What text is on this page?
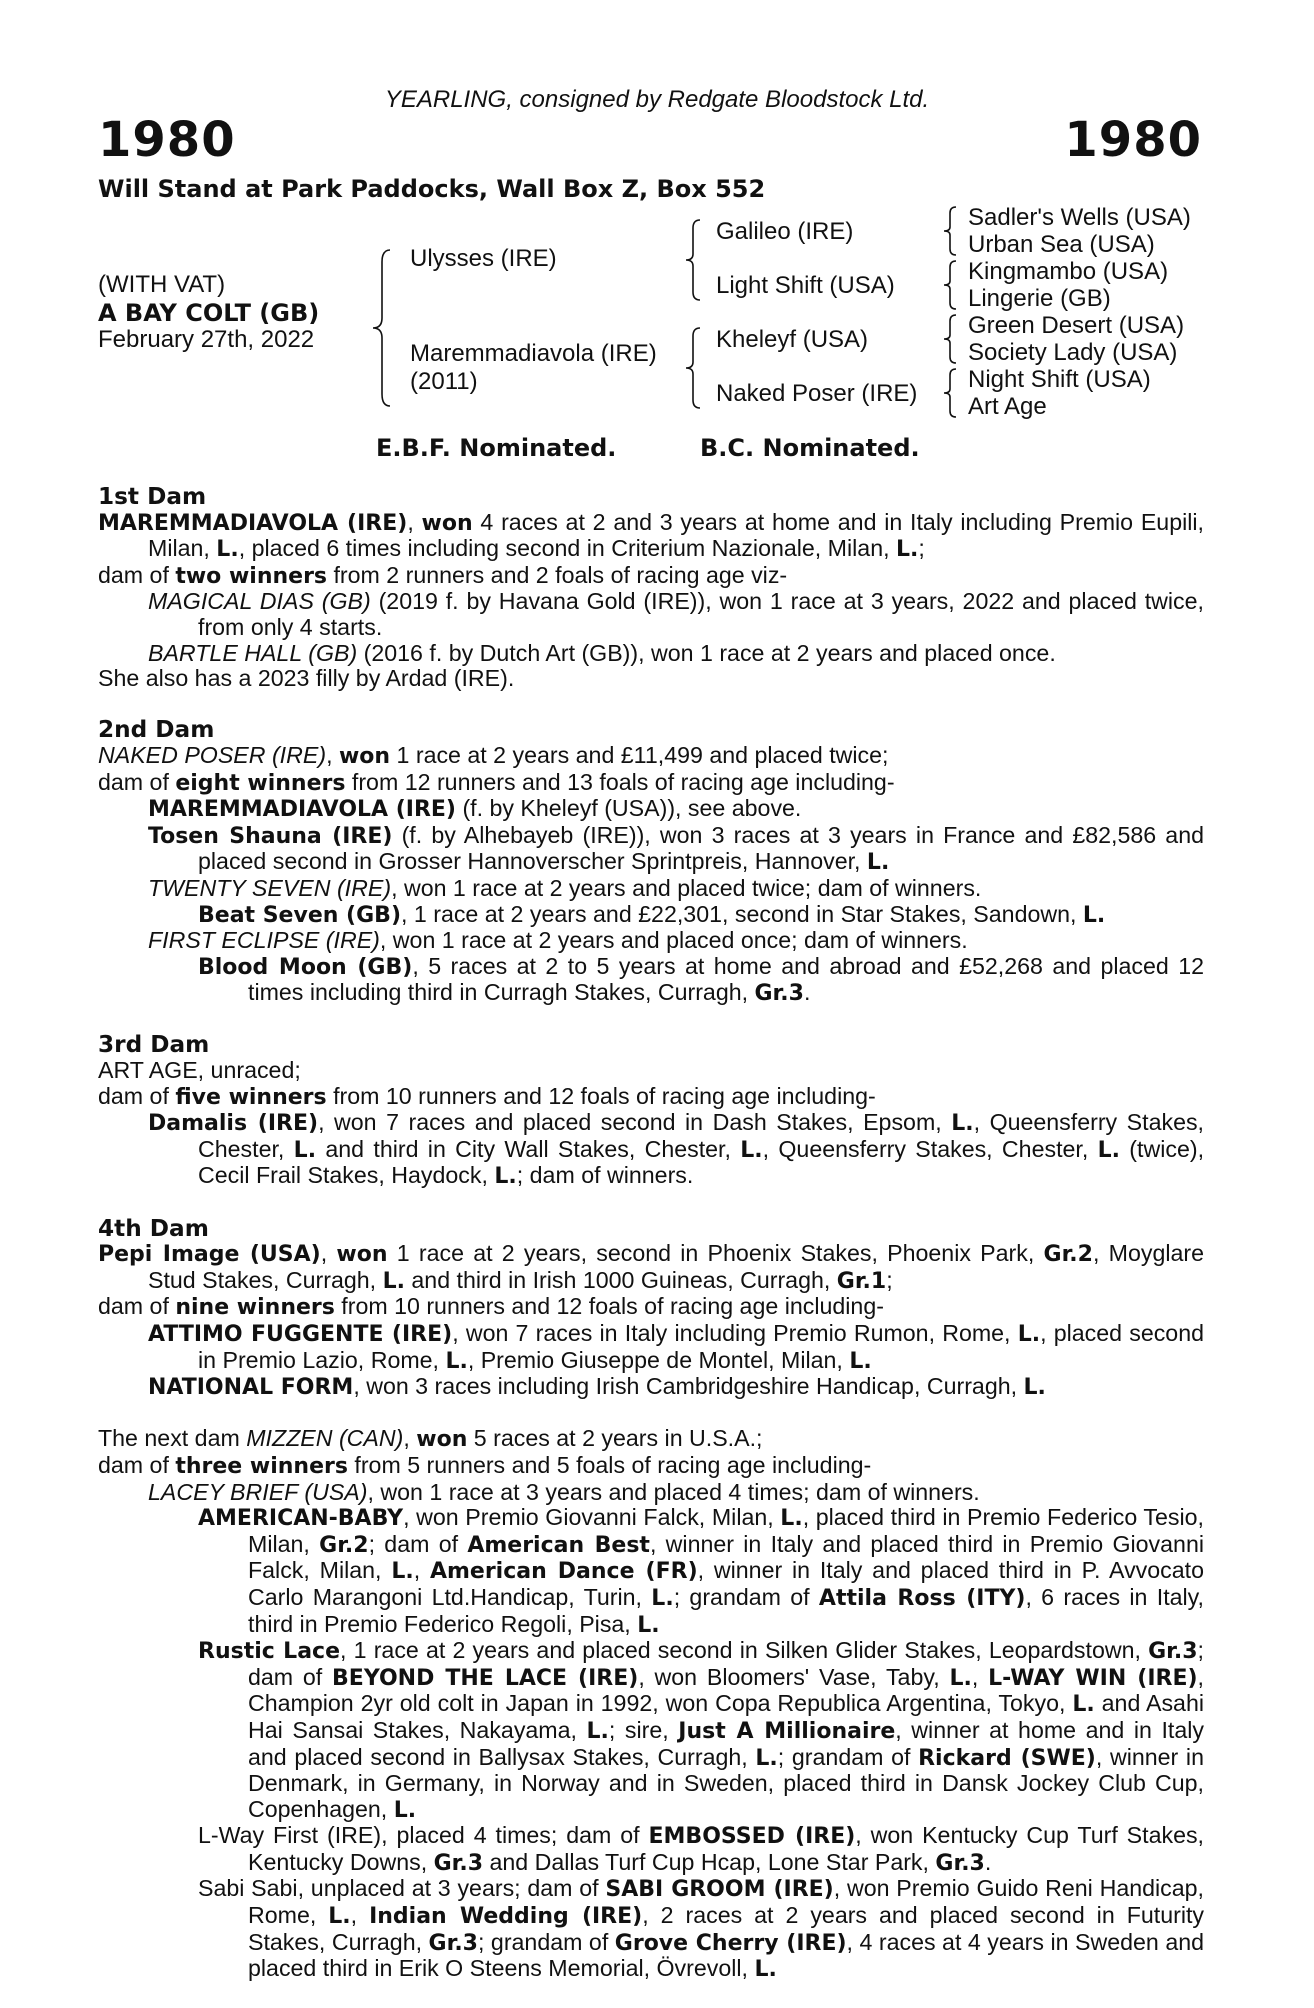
YEARLING, consigned by Redgate Bloodstock Ltd.
1980	1980
Will Stand at Park Paddocks, Wall Box Z, Box 552
(WITH VAT)
A BAY COLT (GB)
February 27th, 2022
Ulysses (IRE)
Maremmadiavola (IRE)
(2011)
Galileo (IRE)
Light Shift (USA)
Kheleyf (USA)
Naked Poser (IRE)
Sadler's Wells (USA)
Urban Sea (USA)
Kingmambo (USA)
Lingerie (GB)
Green Desert (USA)
Society Lady (USA)
Night Shift (USA)
Art Age
E.B.F. Nominated.	B.C. Nominated.
1st Dam
MAREMMADIAVOLA (IRE), won 4 races at 2 and 3 years at home and in Italy including Premio Eupili, Milan, L., placed 6 times including second in Criterium Nazionale, Milan, L.;
dam of two winners from 2 runners and 2 foals of racing age viz-
MAGICAL DIAS (GB) (2019 f. by Havana Gold (IRE)), won 1 race at 3 years, 2022 and placed twice, from only 4 starts.
BARTLE HALL (GB) (2016 f. by Dutch Art (GB)), won 1 race at 2 years and placed once.
She also has a 2023 filly by Ardad (IRE).
2nd Dam
NAKED POSER (IRE), won 1 race at 2 years and £11,499 and placed twice;
dam of eight winners from 12 runners and 13 foals of racing age including-
MAREMMADIAVOLA (IRE) (f. by Kheleyf (USA)), see above.
Tosen Shauna (IRE) (f. by Alhebayeb (IRE)), won 3 races at 3 years in France and £82,586 and placed second in Grosser Hannoverscher Sprintpreis, Hannover, L.
TWENTY SEVEN (IRE), won 1 race at 2 years and placed twice; dam of winners.
Beat Seven (GB), 1 race at 2 years and £22,301, second in Star Stakes, Sandown, L.
FIRST ECLIPSE (IRE), won 1 race at 2 years and placed once; dam of winners.
Blood Moon (GB), 5 races at 2 to 5 years at home and abroad and £52,268 and placed 12 times including third in Curragh Stakes, Curragh, Gr.3.
3rd Dam
ART AGE, unraced;
dam of five winners from 10 runners and 12 foals of racing age including-
Damalis (IRE), won 7 races and placed second in Dash Stakes, Epsom, L., Queensferry Stakes, Chester, L. and third in City Wall Stakes, Chester, L., Queensferry Stakes, Chester, L. (twice), Cecil Frail Stakes, Haydock, L.; dam of winners.
4th Dam
Pepi Image (USA), won 1 race at 2 years, second in Phoenix Stakes, Phoenix Park, Gr.2, Moyglare Stud Stakes, Curragh, L. and third in Irish 1000 Guineas, Curragh, Gr.1;
dam of nine winners from 10 runners and 12 foals of racing age including-
ATTIMO FUGGENTE (IRE), won 7 races in Italy including Premio Rumon, Rome, L., placed second in Premio Lazio, Rome, L., Premio Giuseppe de Montel, Milan, L.
NATIONAL FORM, won 3 races including Irish Cambridgeshire Handicap, Curragh, L.
The next dam MIZZEN (CAN), won 5 races at 2 years in U.S.A.;
dam of three winners from 5 runners and 5 foals of racing age including-
LACEY BRIEF (USA), won 1 race at 3 years and placed 4 times; dam of winners.
AMERICAN-BABY, won Premio Giovanni Falck, Milan, L., placed third in Premio Federico Tesio, Milan, Gr.2; dam of American Best, winner in Italy and placed third in Premio Giovanni Falck, Milan, L., American Dance (FR), winner in Italy and placed third in P. Avvocato Carlo Marangoni Ltd.Handicap, Turin, L.; grandam of Attila Ross (ITY), 6 races in Italy, third in Premio Federico Regoli, Pisa, L.
Rustic Lace, 1 race at 2 years and placed second in Silken Glider Stakes, Leopardstown, Gr.3; dam of BEYOND THE LACE (IRE), won Bloomers' Vase, Taby, L., L-WAY WIN (IRE), Champion 2yr old colt in Japan in 1992, won Copa Republica Argentina, Tokyo, L. and Asahi Hai Sansai Stakes, Nakayama, L.; sire, Just A Millionaire, winner at home and in Italy and placed second in Ballysax Stakes, Curragh, L.; grandam of Rickard (SWE), winner in Denmark, in Germany, in Norway and in Sweden, placed third in Dansk Jockey Club Cup, Copenhagen, L.
L-Way First (IRE), placed 4 times; dam of EMBOSSED (IRE), won Kentucky Cup Turf Stakes, Kentucky Downs, Gr.3 and Dallas Turf Cup Hcap, Lone Star Park, Gr.3.
Sabi Sabi, unplaced at 3 years; dam of SABI GROOM (IRE), won Premio Guido Reni Handicap, Rome, L., Indian Wedding (IRE), 2 races at 2 years and placed second in Futurity Stakes, Curragh, Gr.3; grandam of Grove Cherry (IRE), 4 races at 4 years in Sweden and placed third in Erik O Steens Memorial, Övrevoll, L.
